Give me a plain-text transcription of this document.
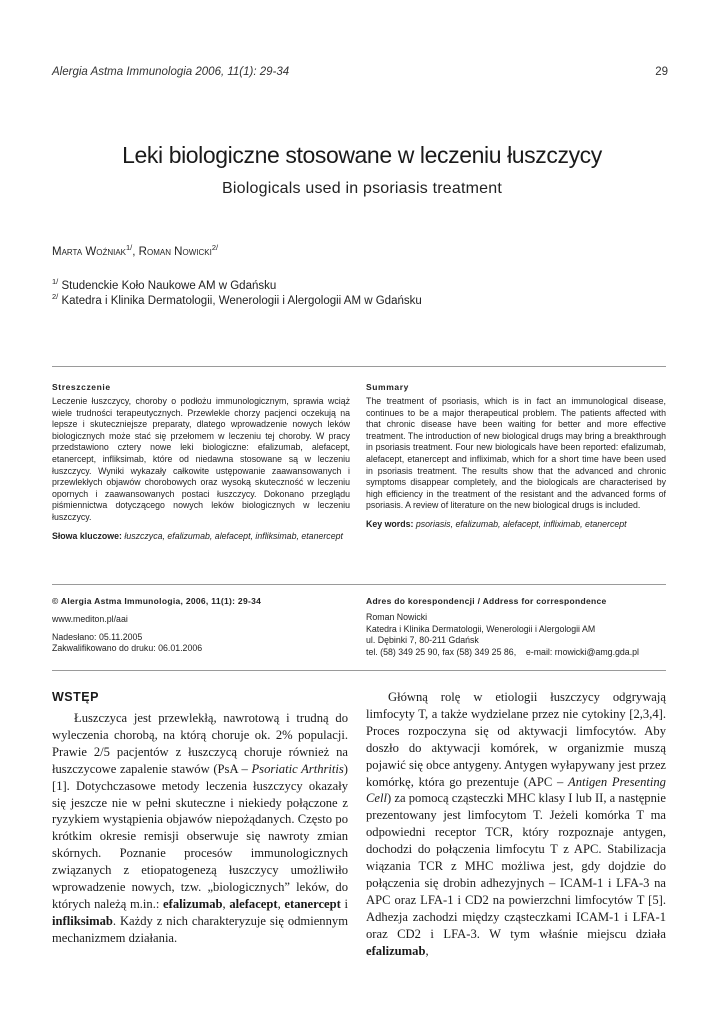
Alergia Astma Immunologia 2006, 11(1): 29-34	29
Leki biologiczne stosowane w leczeniu łuszczycy
Biologicals used in psoriasis treatment
Marta Woźniak$^{1/}$, Roman Nowicki$^{2/}$
$^{1/}$ Studenckie Koło Naukowe AM w Gdańsku
$^{2/}$ Katedra i Klinika Dermatologii, Wenerologii i Alergologii AM w Gdańsku
Streszczenie
Leczenie łuszczycy, choroby o podłożu immunologicznym, sprawia wciąż wiele trudności terapeutycznych. Przewlekle chorzy pacjenci oczekują na lepsze i skuteczniejsze preparaty, dlatego wprowadzenie nowych leków biologicznych może stać się przełomem w leczeniu tej choroby. W pracy przedstawiono cztery nowe leki biologiczne: efalizumab, alefacept, etanercept, infliksimab, które od niedawna stosowane są w leczeniu łuszczycy. Wyniki wykazały całkowite ustępowanie zaawansowanych i przewlekłych objawów chorobowych oraz wysoką skuteczność w leczeniu opornych i zaawansowanych postaci łuszczycy. Dokonano przeglądu piśmiennictwa dotyczącego nowych leków biologicznych w leczeniu łuszczycy.
Słowa kluczowe: łuszczyca, efalizumab, alefacept, infliksimab, etanercept
Summary
The treatment of psoriasis, which is in fact an immunological disease, continues to be a major therapeutical problem. The patients affected with that chronic disease have been waiting for better and more effective treatment. The introduction of new biological drugs may bring a breakthrough in psoriasis treatment. Four new biologicals have been reported: efalizumab, alefacept, etanercept and infliximab, which for a short time have been used in psoriasis treatment. The results show that the advanced and chronic symptoms disappear completely, and the biologicals are characterised by high efficiency in the treatment of the resistant and the advanced forms of psoriasis. A review of literature on the new biological drugs is included.
Key words: psoriasis, efalizumab, alefacept, infliximab, etanercept
© Alergia Astma Immunologia, 2006, 11(1): 29-34
www.mediton.pl/aai
Nadesłano: 05.11.2005
Zakwalifikowano do druku: 06.01.2006
Adres do korespondencji / Address for correspondence
Roman Nowicki
Katedra i Klinika Dermatologii, Wenerologii i Alergologii AM
ul. Dębinki 7, 80-211 Gdańsk
tel. (58) 349 25 90, fax (58) 349 25 86,    e-mail: rnowicki@amg.gda.pl
WSTĘP

Łuszczyca jest przewlekłą, nawrotową i trudną do wyleczenia chorobą, na którą choruje ok. 2% populacji. Prawie 2/5 pacjentów z łuszczycą choruje również na łuszczycowe zapalenie stawów (PsA – Psoriatic Arthritis) [1]. Dotychczasowe metody leczenia łuszczycy okazały się jeszcze nie w pełni skuteczne i niekiedy połączone z ryzykiem wystąpienia objawów niepożądanych. Często po krótkim okresie remisji obserwuje się nawroty zmian skórnych. Poznanie procesów immunologicznych związanych z etiopatogenezą łuszczycy umożliwiło wprowadzenie nowych, tzw. „biologicznych” leków, do których należą m.in.: efalizumab, alefacept, etanercept i infliksimab. Każdy z nich charakteryzuje się odmiennym mechanizmem działania.

Główną rolę w etiologii łuszczycy odgrywają limfocyty T, a także wydzielane przez nie cytokiny [2,3,4]. Proces rozpoczyna się od aktywacji limfocytów. Aby doszło do aktywacji komórek, w organizmie muszą pojawić się obce antygeny. Antygen wyłapywany jest przez komórkę, która go prezentuje (APC – Antigen Presenting Cell) za pomocą cząsteczki MHC klasy I lub II, a następnie prezentowany jest limfocytom T. Jeżeli komórka T ma odpowiedni receptor TCR, który rozpoznaje antygen, dochodzi do połączenia limfocytu T z APC. Stabilizacja wiązania TCR z MHC możliwa jest, gdy dojdzie do połączenia się drobin adhezyjnych – ICAM-1 i LFA-3 na APC oraz LFA-1 i CD2 na powierzchni limfocytów T [5]. Adhezja zachodzi między cząsteczkami ICAM-1 i LFA-1 oraz CD2 i LFA-3. W tym właśnie miejscu działa efalizumab,
